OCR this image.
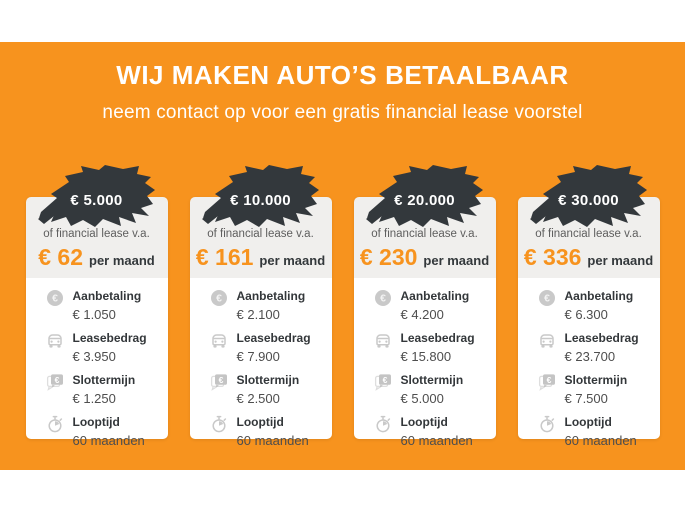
WIJ MAKEN AUTO’S BETAALBAAR
neem contact op voor een gratis financial lease voorstel
€ 5.000
of financial lease v.a.
€ 62 per maand
Aanbetaling
€ 1.050
Leasebedrag
€ 3.950
Slottermijn
€ 1.250
Looptijd
60 maanden
€ 10.000
of financial lease v.a.
€ 161 per maand
Aanbetaling
€ 2.100
Leasebedrag
€ 7.900
Slottermijn
€ 2.500
Looptijd
60 maanden
€ 20.000
of financial lease v.a.
€ 230 per maand
Aanbetaling
€ 4.200
Leasebedrag
€ 15.800
Slottermijn
€ 5.000
Looptijd
60 maanden
€ 30.000
of financial lease v.a.
€ 336 per maand
Aanbetaling
€ 6.300
Leasebedrag
€ 23.700
Slottermijn
€ 7.500
Looptijd
60 maanden
